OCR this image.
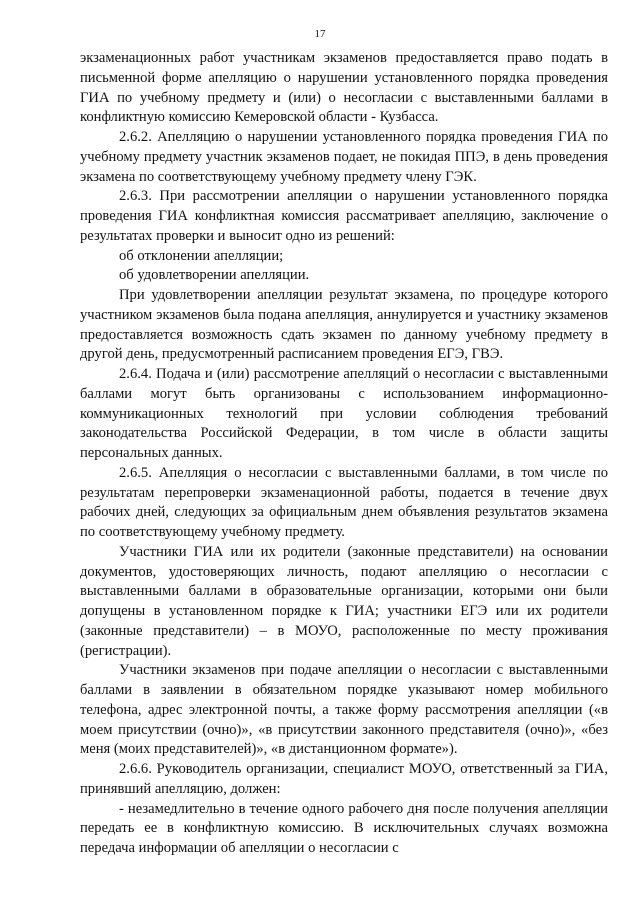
17

экзаменационных работ участникам экзаменов предоставляется право подать в письменной форме апелляцию о нарушении установленного порядка проведения ГИА по учебному предмету и (или) о несогласии с выставленными баллами в конфликтную комиссию Кемеровской области - Кузбасса.

2.6.2. Апелляцию о нарушении установленного порядка проведения ГИА по учебному предмету участник экзаменов подает, не покидая ППЭ, в день проведения экзамена по соответствующему учебному предмету члену ГЭК.

2.6.3. При рассмотрении апелляции о нарушении установленного порядка проведения ГИА конфликтная комиссия рассматривает апелляцию, заключение о результатах проверки и выносит одно из решений:

об отклонении апелляции;

об удовлетворении апелляции.

При удовлетворении апелляции результат экзамена, по процедуре которого участником экзаменов была подана апелляция, аннулируется и участнику экзаменов предоставляется возможность сдать экзамен по данному учебному предмету в другой день, предусмотренный расписанием проведения ЕГЭ, ГВЭ.

2.6.4. Подача и (или) рассмотрение апелляций о несогласии с выставленными баллами могут быть организованы с использованием информационно-коммуникационных технологий при условии соблюдения требований законодательства Российской Федерации, в том числе в области защиты персональных данных.

2.6.5. Апелляция о несогласии с выставленными баллами, в том числе по результатам перепроверки экзаменационной работы, подается в течение двух рабочих дней, следующих за официальным днем объявления результатов экзамена по соответствующему учебному предмету.

Участники ГИА или их родители (законные представители) на основании документов, удостоверяющих личность, подают апелляцию о несогласии с выставленными баллами в образовательные организации, которыми они были допущены в установленном порядке к ГИА; участники ЕГЭ или их родители (законные представители) – в МОУО, расположенные по месту проживания (регистрации).

Участники экзаменов при подаче апелляции о несогласии с выставленными баллами в заявлении в обязательном порядке указывают номер мобильного телефона, адрес электронной почты, а также форму рассмотрения апелляции («в моем присутствии (очно)», «в присутствии законного представителя (очно)», «без меня (моих представителей)», «в дистанционном формате»).

2.6.6. Руководитель организации, специалист МОУО, ответственный за ГИА, принявший апелляцию, должен:

- незамедлительно в течение одного рабочего дня после получения апелляции передать ее в конфликтную комиссию. В исключительных случаях возможна передача информации об апелляции о несогласии с
